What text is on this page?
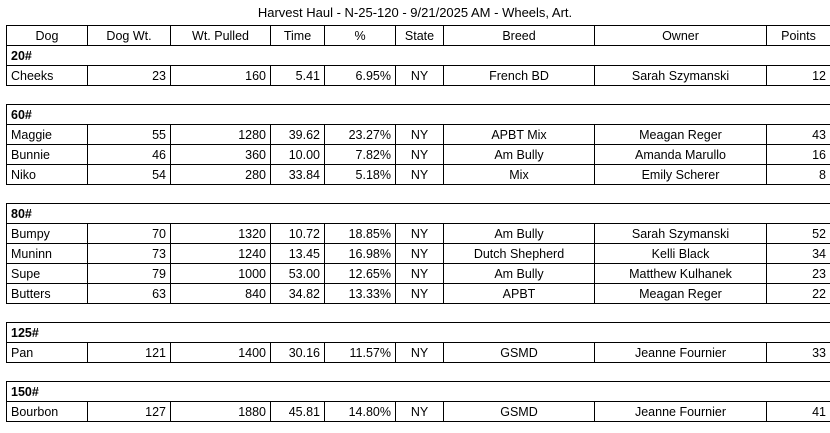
Harvest Haul - N-25-120 - 9/21/2025 AM - Wheels, Art.
Dog	Dog Wt.	Wt. Pulled	Time	%	State	Breed	Owner	Points
20#								
Cheeks	23	160	5.41	6.95%	NY	French BD	Sarah Szymanski	12

60#								
Maggie	55	1280	39.62	23.27%	NY	APBT Mix	Meagan Reger	43
Bunnie	46	360	10.00	7.82%	NY	Am Bully	Amanda Marullo	16
Niko	54	280	33.84	5.18%	NY	Mix	Emily Scherer	8

80#								
Bumpy	70	1320	10.72	18.85%	NY	Am Bully	Sarah Szymanski	52
Muninn	73	1240	13.45	16.98%	NY	Dutch Shepherd	Kelli Black	34
Supe	79	1000	53.00	12.65%	NY	Am Bully	Matthew Kulhanek	23
Butters	63	840	34.82	13.33%	NY	APBT	Meagan Reger	22

125#								
Pan	121	1400	30.16	11.57%	NY	GSMD	Jeanne Fournier	33

150#								
Bourbon	127	1880	45.81	14.80%	NY	GSMD	Jeanne Fournier	41
